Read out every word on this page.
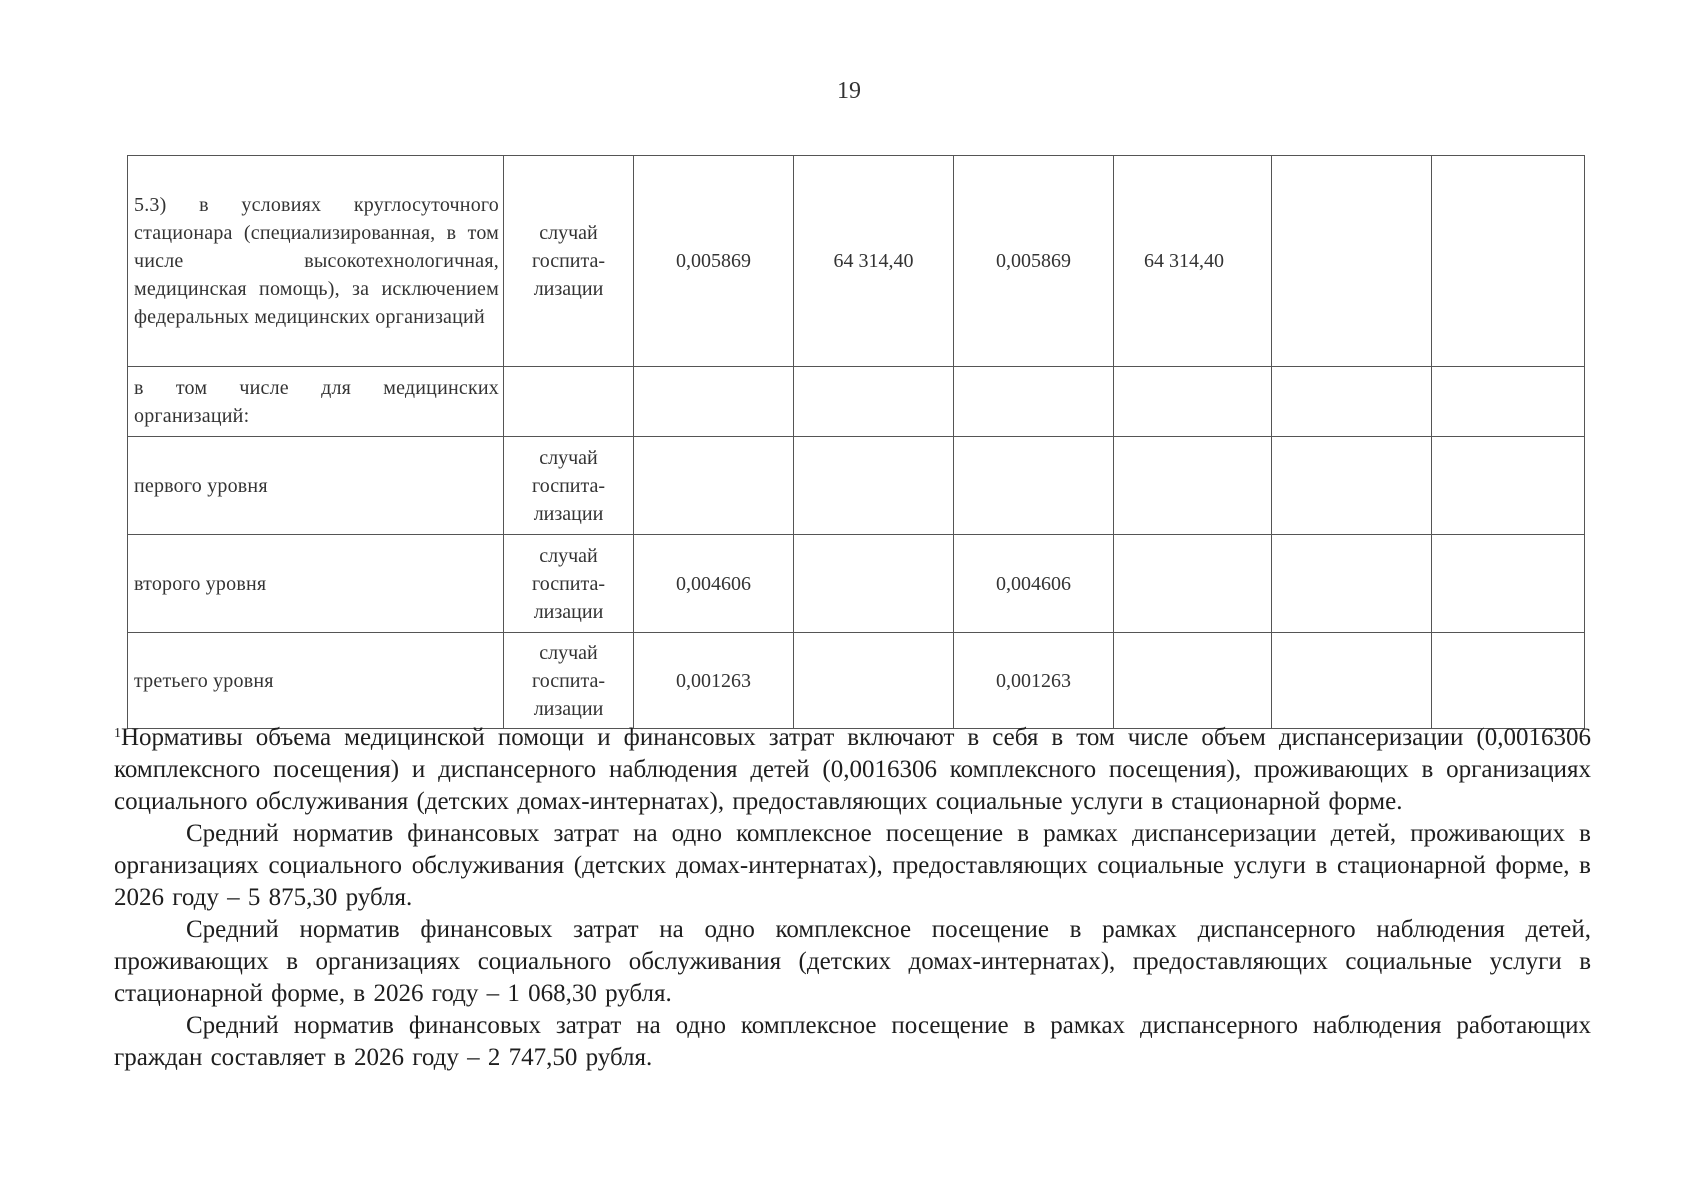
19
5.3) в условиях круглосуточного стационара (специализированная, в том числе высокотехнологичная, медицинская помощь), за исключением федеральных медицинских организаций	случай
госпита-
лизации	0,005869	64 314,40	0,005869	64 314,40		
в том числе для медицинских организаций:							
первого уровня	случай
госпита-
лизации						

второго уровня	случай
госпита-
лизации	0,004606		0,004606			
третьего уровня	случай
госпита-
лизации	0,001263		0,001263			

$^1$Нормативы объема медицинской помощи и финансовых затрат включают в себя в том числе объем диспансеризации (0,0016306 комплексного посещения) и диспансерного наблюдения детей (0,0016306 комплексного посещения), проживающих в организациях социального обслуживания (детских домах-интернатах), предоставляющих социальные услуги в стационарной форме.

Средний норматив финансовых затрат на одно комплексное посещение в рамках диспансеризации детей, проживающих в организациях социального обслуживания (детских домах-интернатах), предоставляющих социальные услуги в стационарной форме, в 2026 году – 5 875,30 рубля.

Средний норматив финансовых затрат на одно комплексное посещение в рамках диспансерного наблюдения детей, проживающих в организациях социального обслуживания (детских домах-интернатах), предоставляющих социальные услуги в стационарной форме, в 2026 году – 1 068,30 рубля.

Средний норматив финансовых затрат на одно комплексное посещение в рамках диспансерного наблюдения работающих граждан составляет в 2026 году – 2 747,50 рубля.
